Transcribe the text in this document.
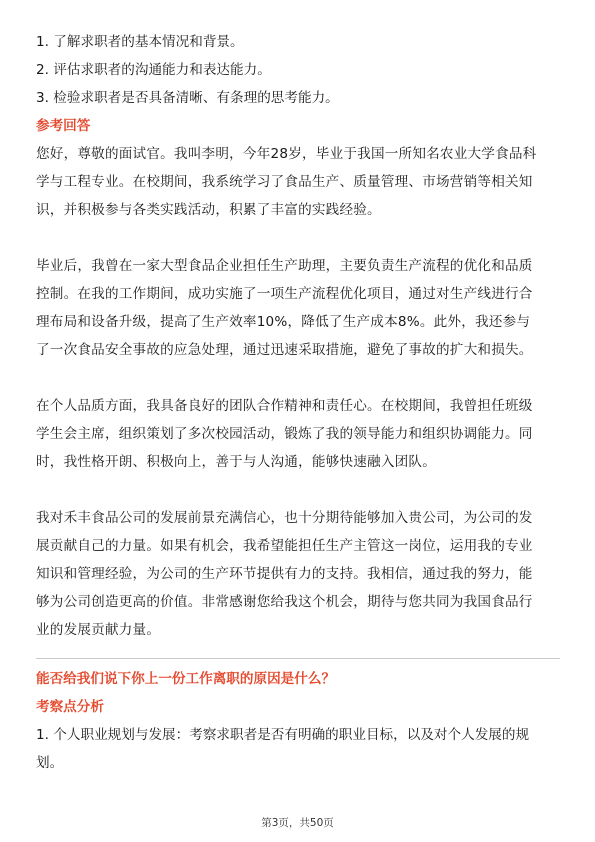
1. 了解求职者的基本情况和背景。
2. 评估求职者的沟通能力和表达能力。
3. 检验求职者是否具备清晰、有条理的思考能力。
参考回答
您好，尊敬的面试官。我叫李明，今年28岁，毕业于我国一所知名农业大学食品科
学与工程专业。在校期间，我系统学习了食品生产、质量管理、市场营销等相关知
识，并积极参与各类实践活动，积累了丰富的实践经验。
毕业后，我曾在一家大型食品企业担任生产助理，主要负责生产流程的优化和品质
控制。在我的工作期间，成功实施了一项生产流程优化项目，通过对生产线进行合
理布局和设备升级，提高了生产效率10%，降低了生产成本8%。此外，我还参与
了一次食品安全事故的应急处理，通过迅速采取措施，避免了事故的扩大和损失。
在个人品质方面，我具备良好的团队合作精神和责任心。在校期间，我曾担任班级
学生会主席，组织策划了多次校园活动，锻炼了我的领导能力和组织协调能力。同
时，我性格开朗、积极向上，善于与人沟通，能够快速融入团队。
我对禾丰食品公司的发展前景充满信心，也十分期待能够加入贵公司，为公司的发
展贡献自己的力量。如果有机会，我希望能担任生产主管这一岗位，运用我的专业
知识和管理经验，为公司的生产环节提供有力的支持。我相信，通过我的努力，能
够为公司创造更高的价值。非常感谢您给我这个机会，期待与您共同为我国食品行
业的发展贡献力量。
能否给我们说下你上一份工作离职的原因是什么？
考察点分析
1. 个人职业规划与发展：考察求职者是否有明确的职业目标，以及对个人发展的规
划。
第3页，共50页
